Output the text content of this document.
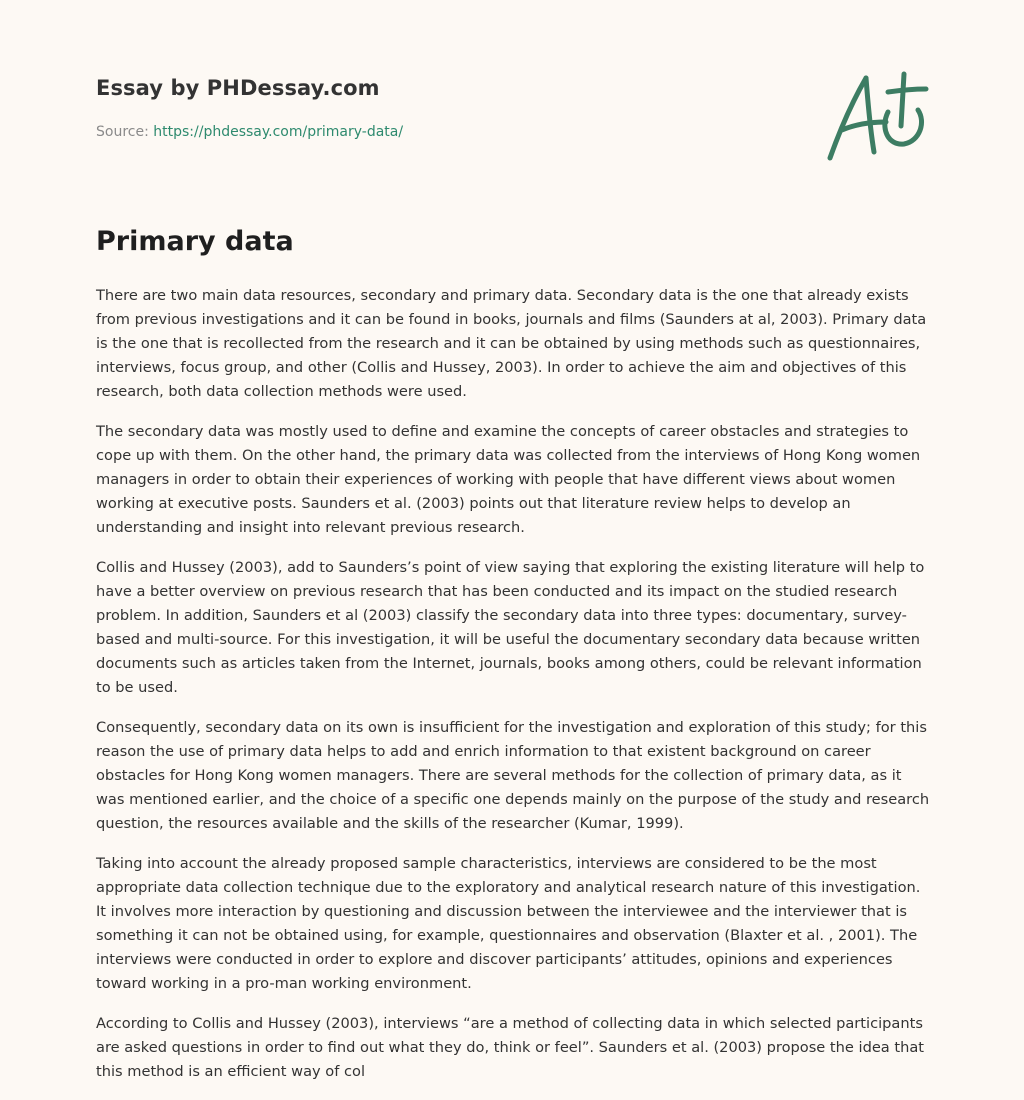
Essay by PHDessay.com
Source: https://phdessay.com/primary-data/
Primary data

There are two main data resources, secondary and primary data. Secondary data is the one that already exists from previous investigations and it can be found in books, journals and films (Saunders at al, 2003). Primary data is the one that is recollected from the research and it can be obtained by using methods such as questionnaires, interviews, focus group, and other (Collis and Hussey, 2003). In order to achieve the aim and objectives of this research, both data collection methods were used.

The secondary data was mostly used to define and examine the concepts of career obstacles and strategies to cope up with them. On the other hand, the primary data was collected from the interviews of Hong Kong women managers in order to obtain their experiences of working with people that have different views about women working at executive posts. Saunders et al. (2003) points out that literature review helps to develop an understanding and insight into relevant previous research.

Collis and Hussey (2003), add to Saunders’s point of view saying that exploring the existing literature will help to have a better overview on previous research that has been conducted and its impact on the studied research problem. In addition, Saunders et al (2003) classify the secondary data into three types: documentary, survey-based and multi-source. For this investigation, it will be useful the documentary secondary data because written documents such as articles taken from the Internet, journals, books among others, could be relevant information to be used.

Consequently, secondary data on its own is insufficient for the investigation and exploration of this study; for this reason the use of primary data helps to add and enrich information to that existent background on career obstacles for Hong Kong women managers. There are several methods for the collection of primary data, as it was mentioned earlier, and the choice of a specific one depends mainly on the purpose of the study and research question, the resources available and the skills of the researcher (Kumar, 1999).

Taking into account the already proposed sample characteristics, interviews are considered to be the most appropriate data collection technique due to the exploratory and analytical research nature of this investigation. It involves more interaction by questioning and discussion between the interviewee and the interviewer that is something it can not be obtained using, for example, questionnaires and observation (Blaxter et al. , 2001). The interviews were conducted in order to explore and discover participants’ attitudes, opinions and experiences toward working in a pro-man working environment.

According to Collis and Hussey (2003), interviews “are a method of collecting data in which selected participants are asked questions in order to find out what they do, think or feel”. Saunders et al. (2003) propose the idea that this method is an efficient way of col
